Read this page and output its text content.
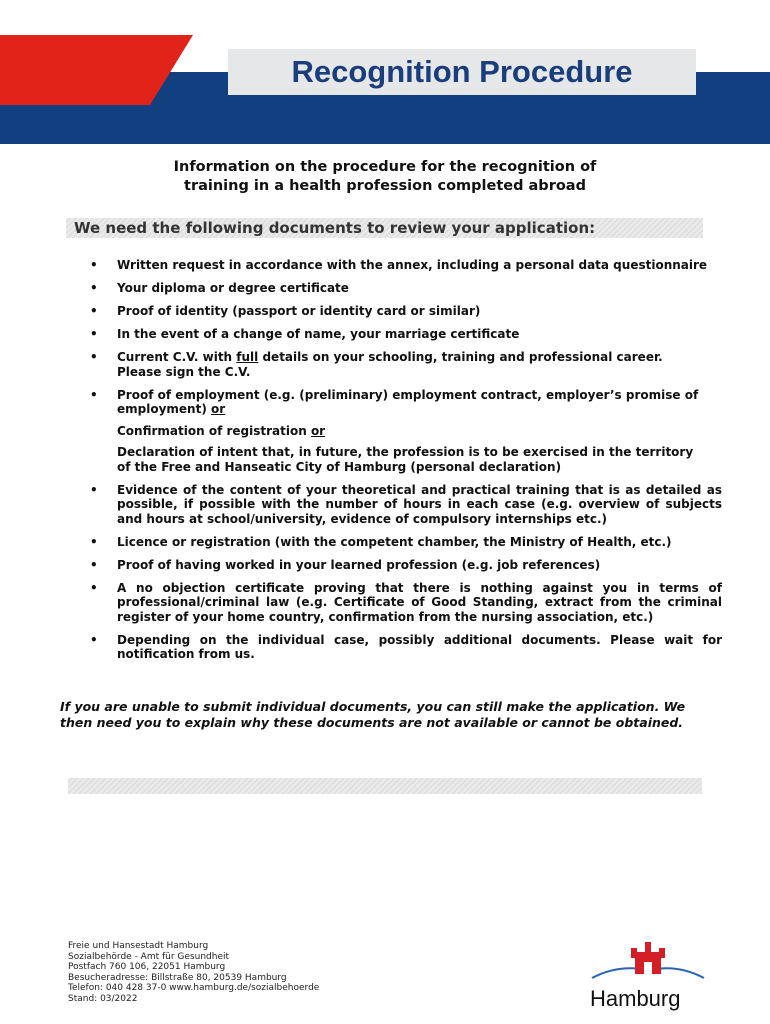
Recognition Procedure
Information on the procedure for the recognition of
training in a health profession completed abroad
We need the following documents to review your application:
• Written request in accordance with the annex, including a personal data questionnaire
• Your diploma or degree certificate
• Proof of identity (passport or identity card or similar)
• In the event of a change of name, your marriage certificate
• Current C.V. with full details on your schooling, training and professional career. Please sign the C.V.
• Proof of employment (e.g. (preliminary) employment contract, employer’s promise of employment) or
Confirmation of registration or
Declaration of intent that, in future, the profession is to be exercised in the territory of the Free and Hanseatic City of Hamburg (personal declaration)
• Evidence of the content of your theoretical and practical training that is as detailed as possible, if possible with the number of hours in each case (e.g. overview of subjects and hours at school/university, evidence of compulsory internships etc.)
• Licence or registration (with the competent chamber, the Ministry of Health, etc.)
• Proof of having worked in your learned profession (e.g. job references)
• A no objection certificate proving that there is nothing against you in terms of professional/criminal law (e.g. Certificate of Good Standing, extract from the criminal register of your home country, confirmation from the nursing association, etc.)
• Depending on the individual case, possibly additional documents. Please wait for notification from us.
If you are unable to submit individual documents, you can still make the application. We then need you to explain why these documents are not available or cannot be obtained.
Freie und Hansestadt Hamburg
Sozialbehörde - Amt für Gesundheit
Postfach 760 106, 22051 Hamburg
Besucheradresse: Billstraße 80, 20539 Hamburg
Telefon: 040 428 37-0 www.hamburg.de/sozialbehoerde
Stand: 03/2022	Hamburg
